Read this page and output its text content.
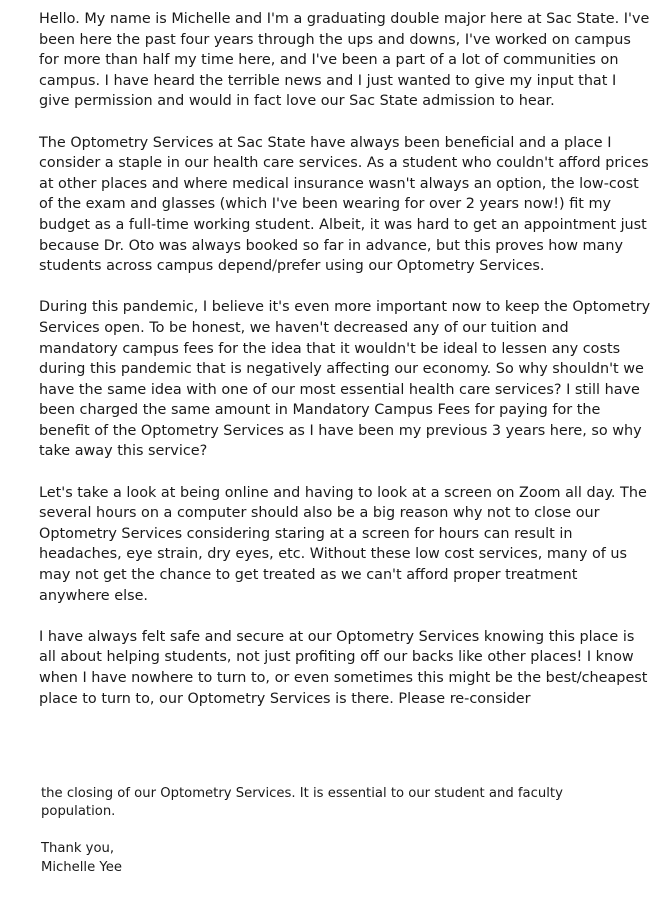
Hello. My name is Michelle and I'm a graduating double major here at Sac State. I've been here the past four years through the ups and downs, I've worked on campus for more than half my time here, and I've been a part of a lot of communities on campus. I have heard the terrible news and I just wanted to give my input that I give permission and would in fact love our Sac State admission to hear.

The Optometry Services at Sac State have always been beneficial and a place I consider a staple in our health care services. As a student who couldn't afford prices at other places and where medical insurance wasn't always an option, the low-cost of the exam and glasses (which I've been wearing for over 2 years now!) fit my budget as a full-time working student. Albeit, it was hard to get an appointment just because Dr. Oto was always booked so far in advance, but this proves how many students across campus depend/prefer using our Optometry Services.

During this pandemic, I believe it's even more important now to keep the Optometry Services open. To be honest, we haven't decreased any of our tuition and mandatory campus fees for the idea that it wouldn't be ideal to lessen any costs during this pandemic that is negatively affecting our economy. So why shouldn't we have the same idea with one of our most essential health care services? I still have been charged the same amount in Mandatory Campus Fees for paying for the benefit of the Optometry Services as I have been my previous 3 years here, so why take away this service?

Let's take a look at being online and having to look at a screen on Zoom all day. The several hours on a computer should also be a big reason why not to close our Optometry Services considering staring at a screen for hours can result in headaches, eye strain, dry eyes, etc. Without these low cost services, many of us may not get the chance to get treated as we can't afford proper treatment anywhere else.

I have always felt safe and secure at our Optometry Services knowing this place is all about helping students, not just profiting off our backs like other places! I know when I have nowhere to turn to, or even sometimes this might be the best/cheapest place to turn to, our Optometry Services is there. Please re-consider

the closing of our Optometry Services. It is essential to our student and faculty population.

Thank you,

Michelle Yee
